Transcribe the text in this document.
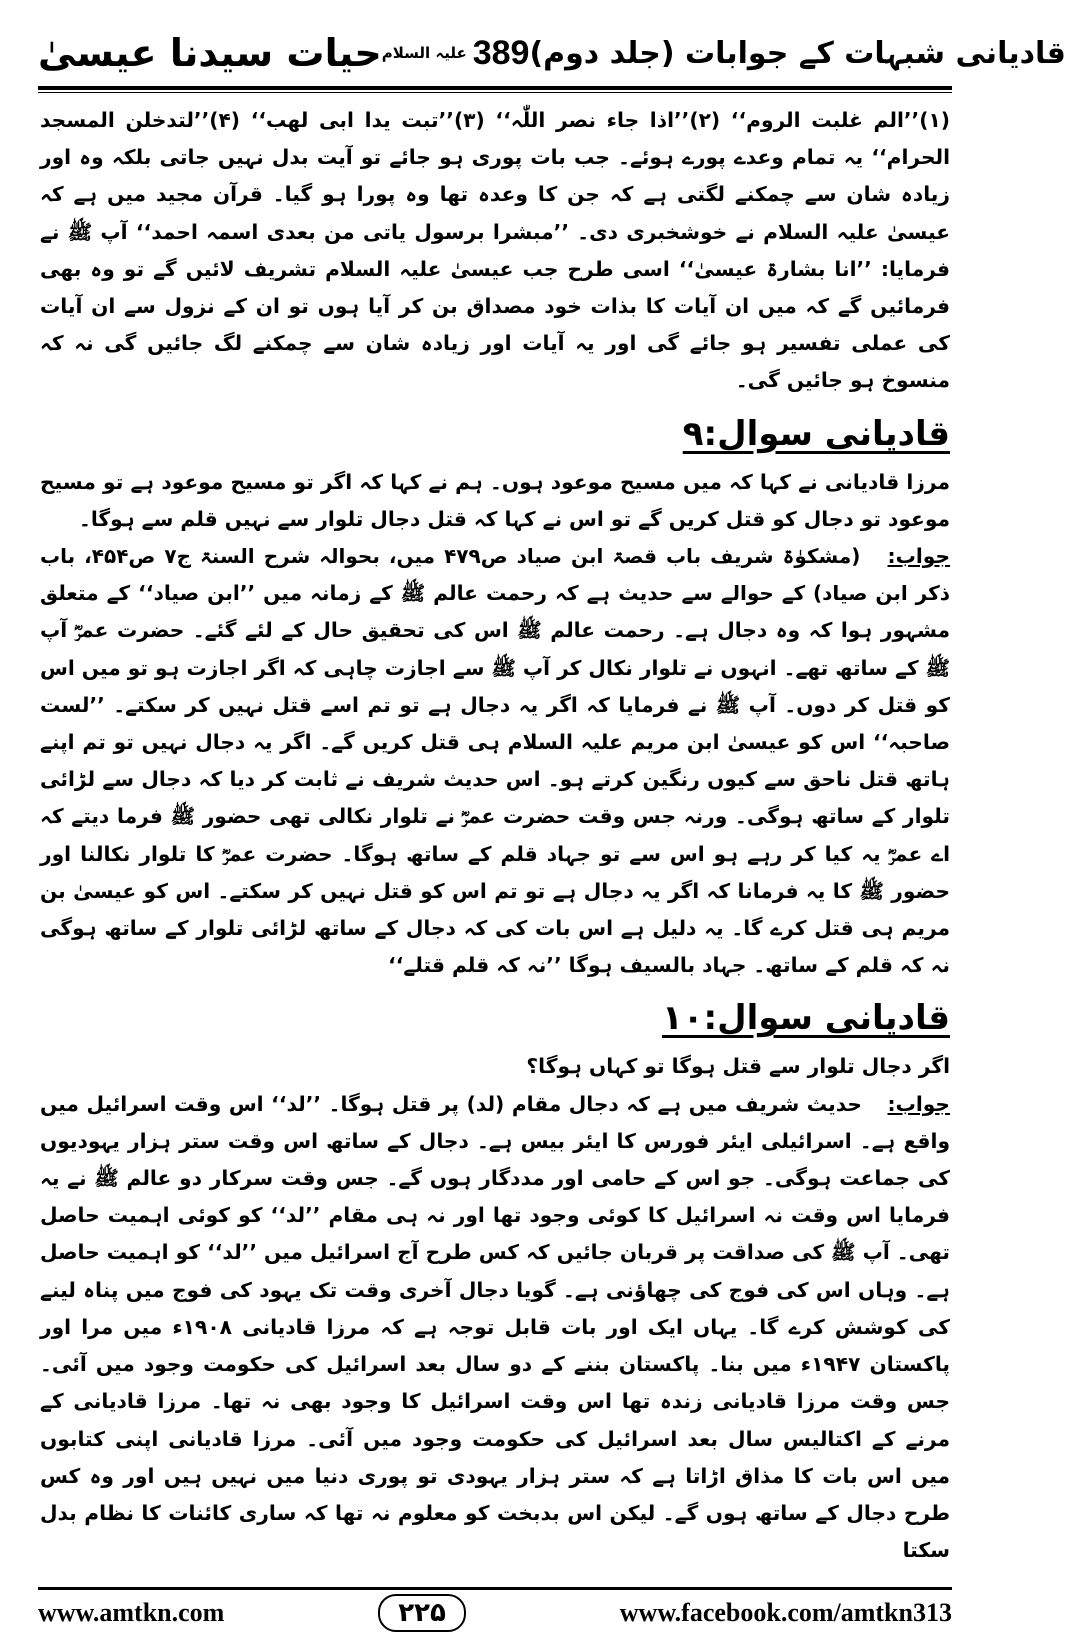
حیات سیدنا عیسیٰ علیہ السلام 389 قادیانی شبہات کے جوابات (جلد دوم)

(۱)’’الم غلبت الروم‘‘ (۲)’’اذا جاء نصر اللّٰہ‘‘ (۳)’’تبت یدا ابی لھب‘‘ (۴)’’لتدخلن المسجد الحرام‘‘ یہ تمام وعدے پورے ہوئے۔ جب بات پوری ہو جائے تو آیت بدل نہیں جاتی بلکہ وہ اور زیادہ شان سے چمکنے لگتی ہے کہ جن کا وعدہ تھا وہ پورا ہو گیا۔ قرآن مجید میں ہے کہ عیسیٰ علیہ السلام نے خوشخبری دی۔ ’’مبشرا برسول یاتی من بعدی اسمہ احمد‘‘ آپ ﷺ نے فرمایا: ’’انا بشارۃ عیسیٰ‘‘ اسی طرح جب عیسیٰ علیہ السلام تشریف لائیں گے تو وہ بھی فرمائیں گے کہ میں ان آیات کا بذات خود مصداق بن کر آیا ہوں تو ان کے نزول سے ان آیات کی عملی تفسیر ہو جائے گی اور یہ آیات اور زیادہ شان سے چمکنے لگ جائیں گی نہ کہ منسوخ ہو جائیں گی۔

قادیانی سوال:۹

مرزا قادیانی نے کہا کہ میں مسیح موعود ہوں۔ ہم نے کہا کہ اگر تو مسیح موعود ہے تو مسیح موعود تو دجال کو قتل کریں گے تو اس نے کہا کہ قتل دجال تلوار سے نہیں قلم سے ہوگا۔

جواب: (مشکوٰۃ شریف باب قصۃ ابن صیاد ص۴۷۹ میں، بحوالہ شرح السنۃ ج۷ ص۴۵۴، باب ذکر ابن صیاد) کے حوالے سے حدیث ہے کہ رحمت عالم ﷺ کے زمانہ میں ’’ابن صیاد‘‘ کے متعلق مشہور ہوا کہ وہ دجال ہے۔ رحمت عالم ﷺ اس کی تحقیق حال کے لئے گئے۔ حضرت عمرؓ آپ ﷺ کے ساتھ تھے۔ انہوں نے تلوار نکال کر آپ ﷺ سے اجازت چاہی کہ اگر اجازت ہو تو میں اس کو قتل کر دوں۔ آپ ﷺ نے فرمایا کہ اگر یہ دجال ہے تو تم اسے قتل نہیں کر سکتے۔ ’’لست صاحبہ‘‘ اس کو عیسیٰ ابن مریم علیہ السلام ہی قتل کریں گے۔ اگر یہ دجال نہیں تو تم اپنے ہاتھ قتل ناحق سے کیوں رنگین کرتے ہو۔ اس حدیث شریف نے ثابت کر دیا کہ دجال سے لڑائی تلوار کے ساتھ ہوگی۔ ورنہ جس وقت حضرت عمرؓ نے تلوار نکالی تھی حضور ﷺ فرما دیتے کہ اے عمرؓ یہ کیا کر رہے ہو اس سے تو جہاد قلم کے ساتھ ہوگا۔ حضرت عمرؓ کا تلوار نکالنا اور حضور ﷺ کا یہ فرمانا کہ اگر یہ دجال ہے تو تم اس کو قتل نہیں کر سکتے۔ اس کو عیسیٰ بن مریم ہی قتل کرے گا۔ یہ دلیل ہے اس بات کی کہ دجال کے ساتھ لڑائی تلوار کے ساتھ ہوگی نہ کہ قلم کے ساتھ۔ جہاد بالسیف ہوگا ’’نہ کہ قلم قتلے‘‘

قادیانی سوال:۱۰

اگر دجال تلوار سے قتل ہوگا تو کہاں ہوگا؟

جواب: حدیث شریف میں ہے کہ دجال مقام (لد) پر قتل ہوگا۔ ’’لد‘‘ اس وقت اسرائیل میں واقع ہے۔ اسرائیلی ایئر فورس کا ایئر بیس ہے۔ دجال کے ساتھ اس وقت ستر ہزار یہودیوں کی جماعت ہوگی۔ جو اس کے حامی اور مددگار ہوں گے۔ جس وقت سرکار دو عالم ﷺ نے یہ فرمایا اس وقت نہ اسرائیل کا کوئی وجود تھا اور نہ ہی مقام ’’لد‘‘ کو کوئی اہمیت حاصل تھی۔ آپ ﷺ کی صداقت پر قربان جائیں کہ کس طرح آج اسرائیل میں ’’لد‘‘ کو اہمیت حاصل ہے۔ وہاں اس کی فوج کی چھاؤنی ہے۔ گویا دجال آخری وقت تک یہود کی فوج میں پناہ لینے کی کوشش کرے گا۔ یہاں ایک اور بات قابل توجہ ہے کہ مرزا قادیانی ۱۹۰۸ء میں مرا اور پاکستان ۱۹۴۷ء میں بنا۔ پاکستان بننے کے دو سال بعد اسرائیل کی حکومت وجود میں آئی۔ جس وقت مرزا قادیانی زندہ تھا اس وقت اسرائیل کا وجود بھی نہ تھا۔ مرزا قادیانی کے مرنے کے اکتالیس سال بعد اسرائیل کی حکومت وجود میں آئی۔ مرزا قادیانی اپنی کتابوں میں اس بات کا مذاق اڑاتا ہے کہ ستر ہزار یہودی تو پوری دنیا میں نہیں ہیں اور وہ کس طرح دجال کے ساتھ ہوں گے۔ لیکن اس بدبخت کو معلوم نہ تھا کہ ساری کائنات کا نظام بدل سکتا

www.amtkn.com	۲۲۵	www.facebook.com/amtkn313
